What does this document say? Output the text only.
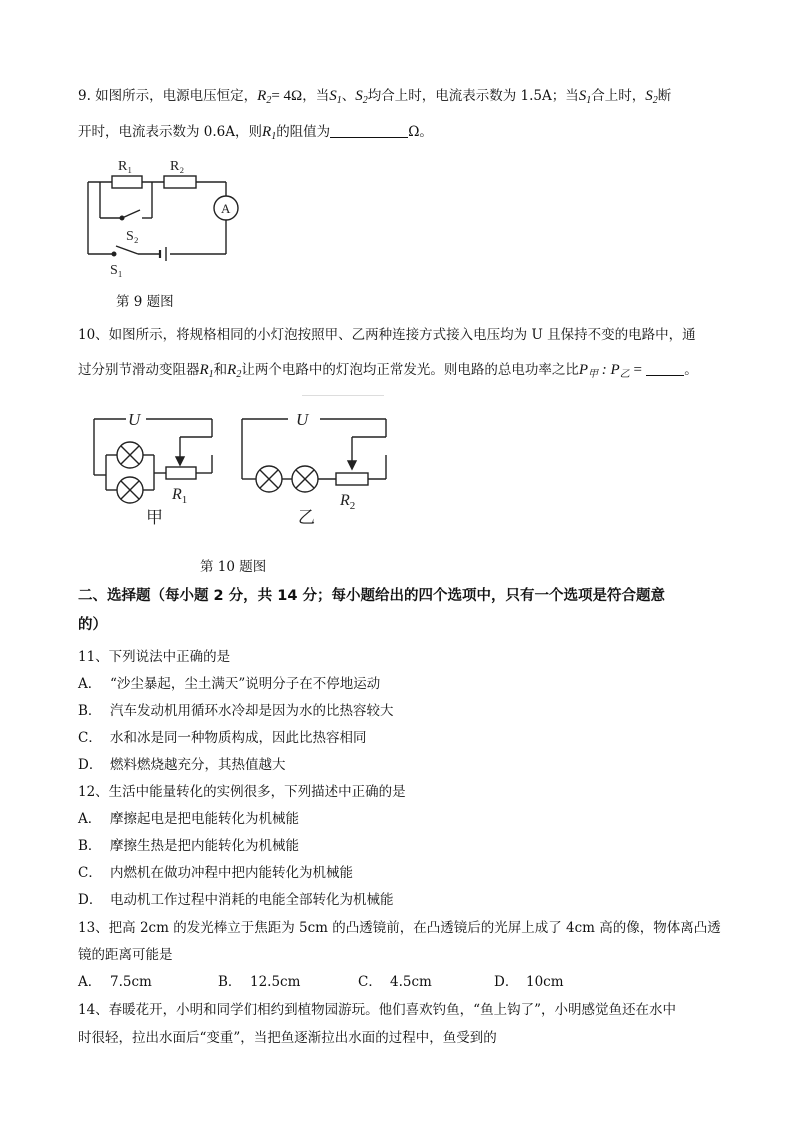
9. 如图所示，电源电压恒定，$R_2= 4\Omega$，当$S_1$、$S_2$均合上时，电流表示数为 1.5A；当$S_1$合上时，$S_2$断
开时，电流表示数为 0.6A，则$R_1$的阻值为	Ω。
R₁	R₂
A
S₂
S₁
第 9 题图
10、如图所示，将规格相同的小灯泡按照甲、乙两种连接方式接入电压均为 U 且保持不变的电路中，通
过分别节滑动变阻器$R_1$和$R_2$让两个电路中的灯泡均正常发光。则电路的总电功率之比$P_甲$ : $P_乙$ =	。
U
$R_1$
甲
U
$R_2$
乙
第 10 题图
二、选择题（每小题 2 分，共 14 分；每小题给出的四个选项中，只有一个选项是符合题意
的）
11、下列说法中正确的是
A． “沙尘暴起，尘土满天”说明分子在不停地运动
B． 汽车发动机用循环水冷却是因为水的比热容较大
C． 水和冰是同一种物质构成，因此比热容相同
D． 燃料燃烧越充分，其热值越大
12、生活中能量转化的实例很多，下列描述中正确的是
A． 摩擦起电是把电能转化为机械能
B． 摩擦生热是把内能转化为机械能
C． 内燃机在做功冲程中把内能转化为机械能
D． 电动机工作过程中消耗的电能全部转化为机械能
13、把高 2cm 的发光棒立于焦距为 5cm 的凸透镜前，在凸透镜后的光屏上成了 4cm 高的像，物体离凸透
镜的距离可能是
A． 7.5cm	B． 12.5cm	C． 4.5cm	D． 10cm
14、春暖花开，小明和同学们相约到植物园游玩。他们喜欢钓鱼，“鱼上钩了”，小明感觉鱼还在水中
时很轻，拉出水面后“变重”，当把鱼逐渐拉出水面的过程中，鱼受到的
